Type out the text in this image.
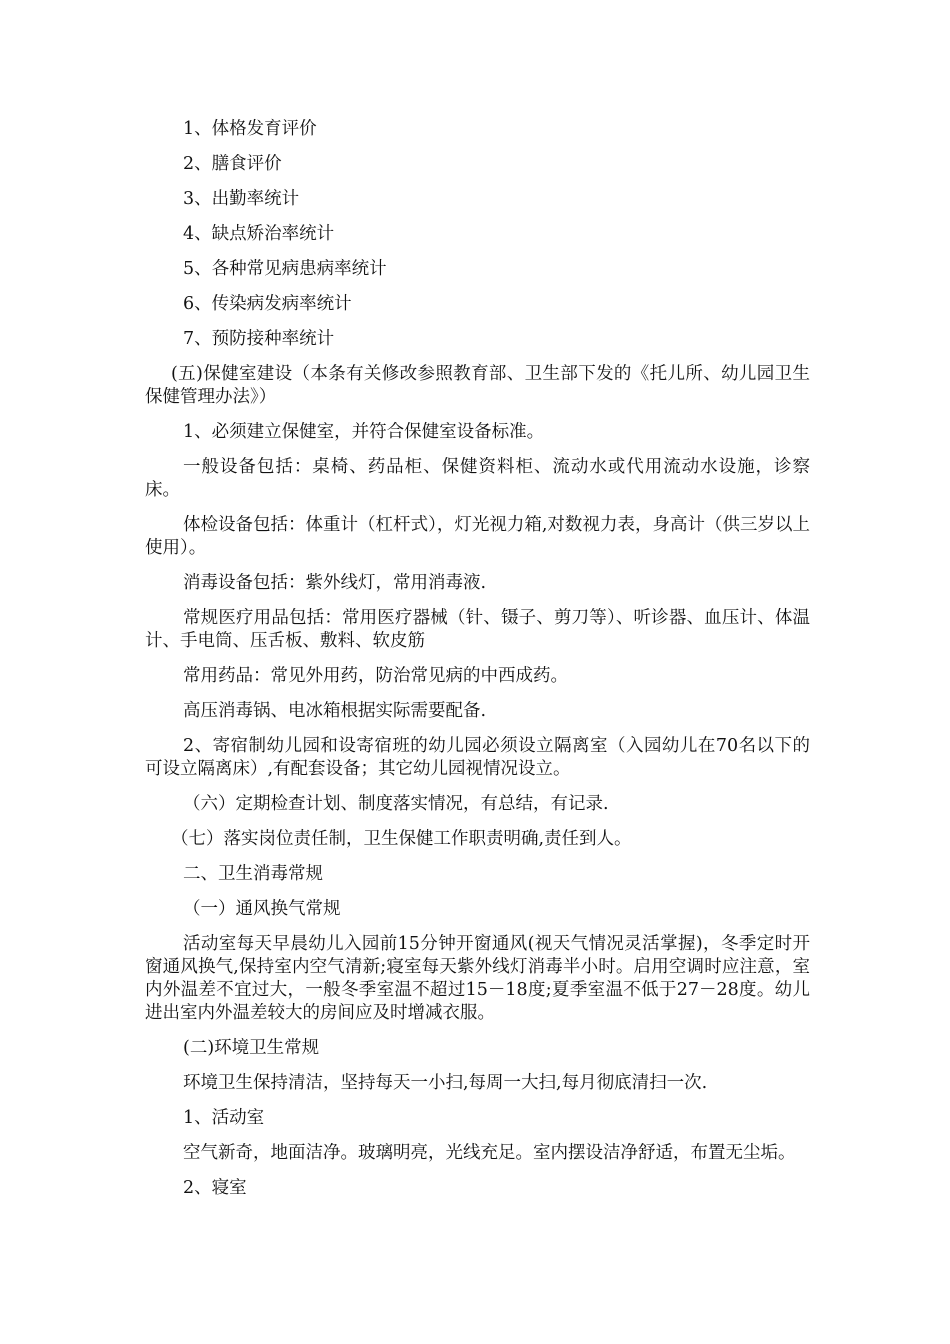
1、体格发育评价

2、膳食评价

3、出勤率统计

4、缺点矫治率统计

5、各种常见病患病率统计

6、传染病发病率统计

7、预防接种率统计

(五)保健室建设（本条有关修改参照教育部、卫生部下发的《托儿所、幼儿园卫生保健管理办法》）

1、必须建立保健室，并符合保健室设备标准。

一般设备包括：桌椅、药品柜、保健资料柜、流动水或代用流动水设施，诊察床。

体检设备包括：体重计（杠杆式），灯光视力箱,对数视力表，身高计（供三岁以上使用）。

消毒设备包括：紫外线灯，常用消毒液.

常规医疗用品包括：常用医疗器械（针、镊子、剪刀等）、听诊器、血压计、体温计、手电筒、压舌板、敷料、软皮筋

常用药品：常见外用药，防治常见病的中西成药。

高压消毒锅、电冰箱根据实际需要配备.

2、寄宿制幼儿园和设寄宿班的幼儿园必须设立隔离室（入园幼儿在70名以下的可设立隔离床）,有配套设备；其它幼儿园视情况设立。

（六）定期检查计划、制度落实情况，有总结，有记录.

（七）落实岗位责任制，卫生保健工作职责明确,责任到人。

二、卫生消毒常规

（一）通风换气常规

活动室每天早晨幼儿入园前15分钟开窗通风(视天气情况灵活掌握)，冬季定时开窗通风换气,保持室内空气清新;寝室每天紫外线灯消毒半小时。启用空调时应注意，室内外温差不宜过大，一般冬季室温不超过15－18度;夏季室温不低于27－28度。幼儿进出室内外温差较大的房间应及时增减衣服。

(二)环境卫生常规

环境卫生保持清洁，坚持每天一小扫,每周一大扫,每月彻底清扫一次.

1、活动室

空气新奇，地面洁净。玻璃明亮，光线充足。室内摆设洁净舒适，布置无尘垢。

2、寝室
